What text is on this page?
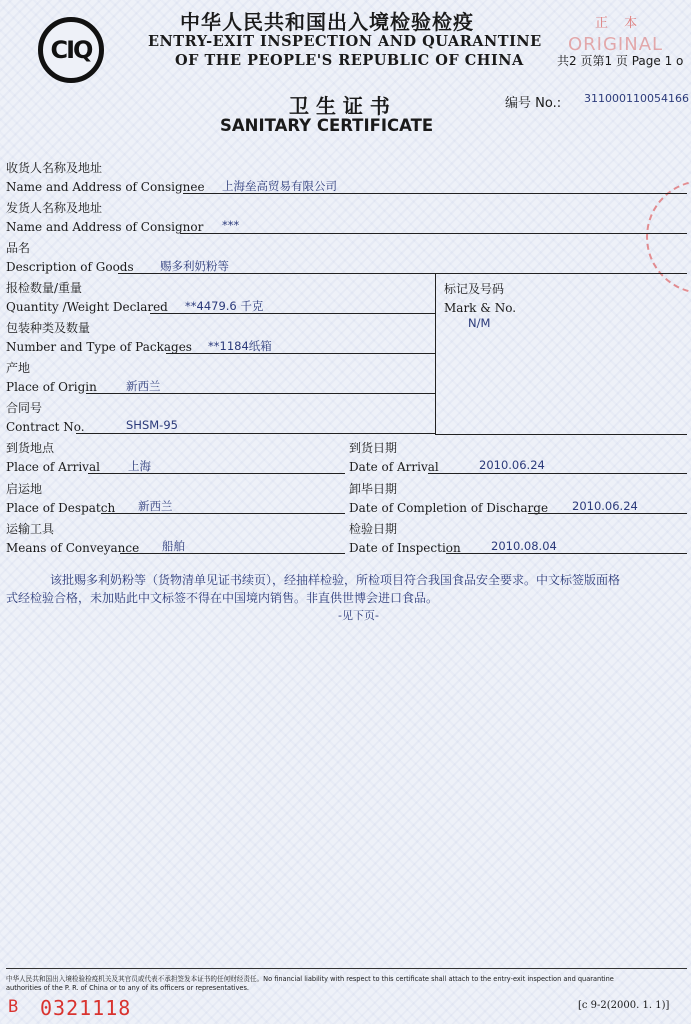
CIQ
中华人民共和国出入境检验检疫
ENTRY-EXIT INSPECTION AND QUARANTINE
OF THE PEOPLE'S REPUBLIC OF CHINA
正 本
ORIGINAL
共2 页第1 页 Page 1 o
卫 生 证 书
SANITARY CERTIFICATE
编号 No.: 311000110054166
收货人名称及地址
Name and Address of Consignee 上海垒高贸易有限公司
发货人名称及地址
Name and Address of Consignor ***
品名
Description of Goods 赐多利奶粉等
标记及号码
Mark & No.
N/M
报检数量/重量
Quantity /Weight Declared **4479.6 千克
包装种类及数量
Number and Type of Packages **1184纸箱
产地
Place of Origin	新西兰
合同号
Contract No.	SHSM-95
到货地点
Place of Arrival 上海
到货日期
Date of Arrival	2010.06.24
启运地
Place of Despatch 新西兰
卸毕日期
Date of Completion of Discharge 2010.06.24
运输工具
Means of Conveyance 船舶
检验日期
Date of Inspection	2010.08.04
该批赐多利奶粉等（货物清单见证书续页），经抽样检验，所检项目符合我国食品安全要求。中文标签版面格
式经检验合格，未加贴此中文标签不得在中国境内销售。非直供世博会进口食品。
-见下页-
中华人民共和国出入境检验检疫机关及其官员或代表不承担签发本证书的任何财经责任。No financial liability with respect to this certificate shall attach to the entry-exit inspection and quarantine
authorities of the P. R. of China or to any of its officers or representatives.
B 0321118	[c 9-2(2000. 1. 1)]
